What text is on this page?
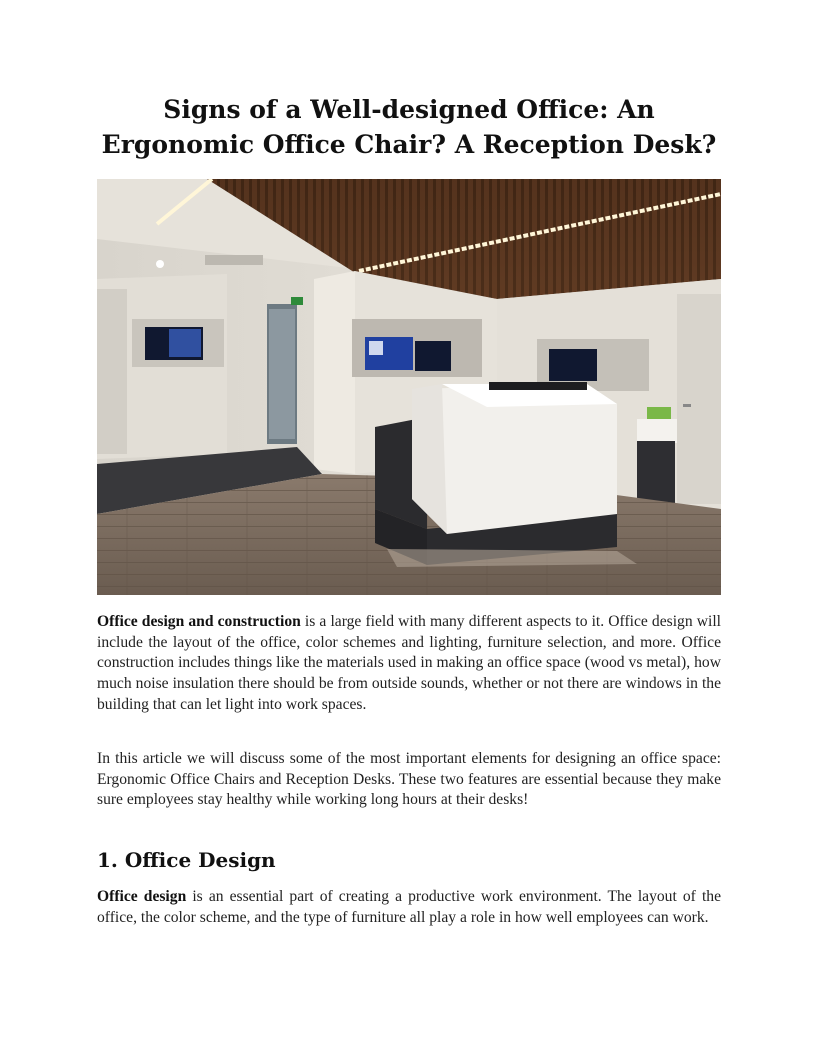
Signs of a Well-designed Office: An
Ergonomic Office Chair? A Reception Desk?

Office design and construction is a large field with many different aspects to it. Office design will include the layout of the office, color schemes and lighting, furniture selection, and more. Office construction includes things like the materials used in making an office space (wood vs metal), how much noise insulation there should be from outside sounds, whether or not there are windows in the building that can let light into work spaces.

In this article we will discuss some of the most important elements for designing an office space: Ergonomic Office Chairs and Reception Desks. These two features are essential because they make sure employees stay healthy while working long hours at their desks!

1. Office Design

Office design is an essential part of creating a productive work environment. The layout of the office, the color scheme, and the type of furniture all play a role in how well employees can work.
